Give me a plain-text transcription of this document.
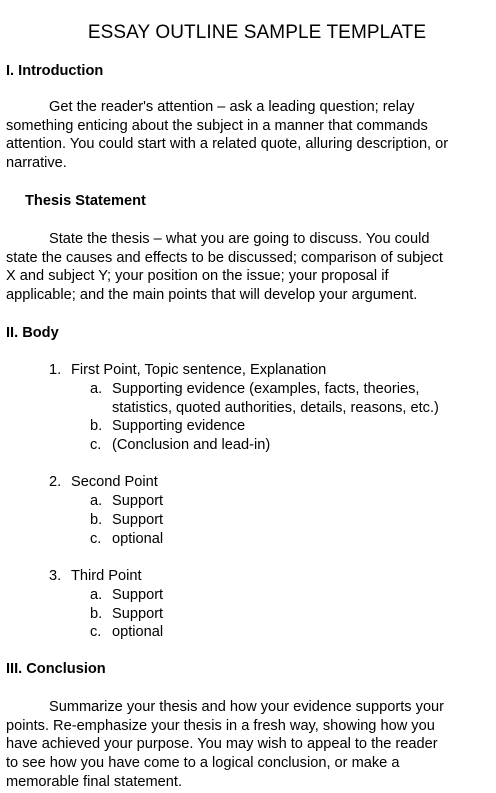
ESSAY OUTLINE SAMPLE TEMPLATE
I. Introduction
Get the reader's attention – ask a leading question; relay
something enticing about the subject in a manner that commands
attention. You could start with a related quote, alluring description, or
narrative.
Thesis Statement
State the thesis – what you are going to discuss. You could
state the causes and effects to be discussed; comparison of subject
X and subject Y; your position on the issue; your proposal if
applicable; and the main points that will develop your argument.
II. Body
1. First Point, Topic sentence, Explanation
a. Supporting evidence (examples, facts, theories,
statistics, quoted authorities, details, reasons, etc.)
b. Supporting evidence
c. (Conclusion and lead-in)
2. Second Point
a. Support
b. Support
c. optional
3. Third Point
a. Support
b. Support
c. optional
III. Conclusion
Summarize your thesis and how your evidence supports your
points. Re-emphasize your thesis in a fresh way, showing how you
have achieved your purpose. You may wish to appeal to the reader
to see how you have come to a logical conclusion, or make a
memorable final statement.
